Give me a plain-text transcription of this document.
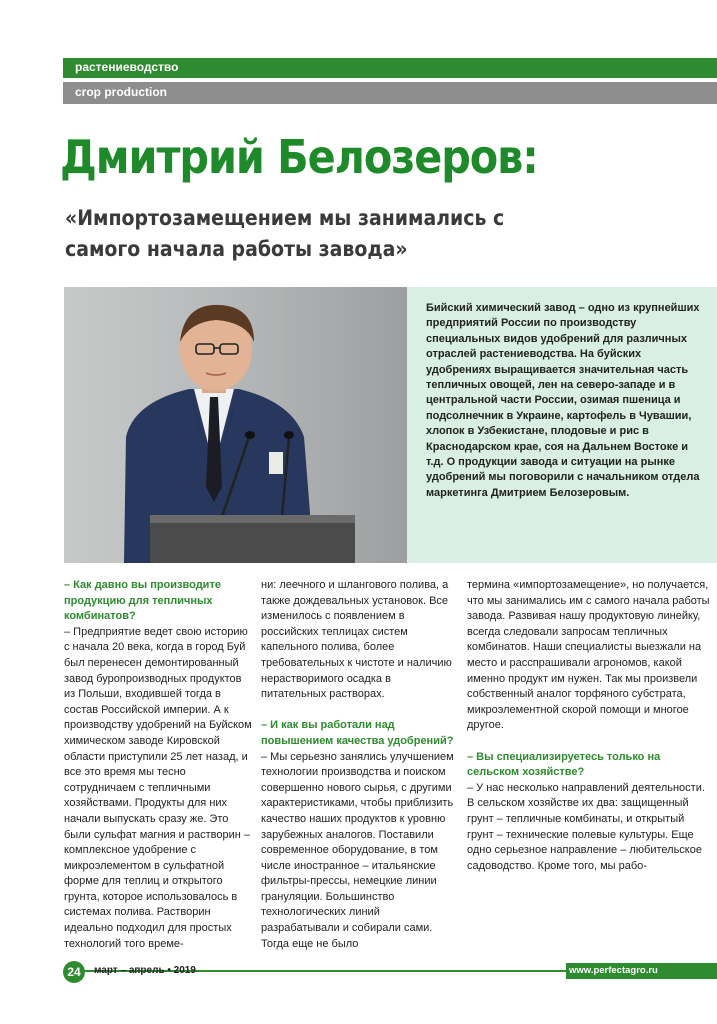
растениеводство
crop production
Дмитрий Белозеров:
«Импортозамещением мы занимались с самого начала работы завода»

Бийский химический завод – одно из крупнейших предприятий России по производству специальных видов удобрений для различных отраслей растениеводства. На буйских удобрениях выращивается значительная часть тепличных овощей, лен на северо-западе и в центральной части России, озимая пшеница и подсолнечник в Украине, картофель в Чувашии, хлопок в Узбекистане, плодовые и рис в Краснодарском крае, соя на Дальнем Востоке и т.д. О продукции завода и ситуации на рынке удобрений мы поговорили с начальником отдела маркетинга Дмитрием Белозеровым.

– Как давно вы производите продукцию для тепличных комбинатов?

– Предприятие ведет свою историю с начала 20 века, когда в город Буй был перенесен демонтированный завод буропроизводных продуктов из Польши, входившей тогда в состав Российской империи. А к производству удобрений на Буйском химическом заводе Кировской области приступили 25 лет назад, и все это время мы тесно сотрудничаем с тепличными хозяйствами. Продукты для них начали выпускать сразу же. Это были сульфат магния и растворин – комплексное удобрение с микроэлементом в сульфатной форме для теплиц и открытого грунта, которое использовалось в системах полива. Растворин идеально подходил для простых технологий того време-

ни: леечного и шлангового полива, а также дождевальных установок. Все изменилось с появлением в российских теплицах систем капельного полива, более требовательных к чистоте и наличию нерастворимого осадка в питательных растворах.

– И как вы работали над повышением качества удобрений?

– Мы серьезно занялись улучшением технологии производства и поиском совершенно нового сырья, с другими характеристиками, чтобы приблизить качество наших продуктов к уровню зарубежных аналогов. Поставили современное оборудование, в том числе иностранное – итальянские фильтры-прессы, немецкие линии грануляции. Большинство технологических линий разрабатывали и собирали сами. Тогда еще не было

термина «импортозамещение», но получается, что мы занимались им с самого начала работы завода. Развивая нашу продуктовую линейку, всегда следовали запросам тепличных комбинатов. Наши специалисты выезжали на место и расспрашивали агрономов, какой именно продукт им нужен. Так мы произвели собственный аналог торфяного субстрата, микроэлементной скорой помощи и многое другое.

– Вы специализируетесь только на сельском хозяйстве?

– У нас несколько направлений деятельности. В сельском хозяйстве их два: защищенный грунт – тепличные комбинаты, и открытый грунт – технические полевые культуры. Еще одно серьезное направление – любительское садоводство. Кроме того, мы рабо-

24	март – апрель • 2019	www.perfectagro.ru
